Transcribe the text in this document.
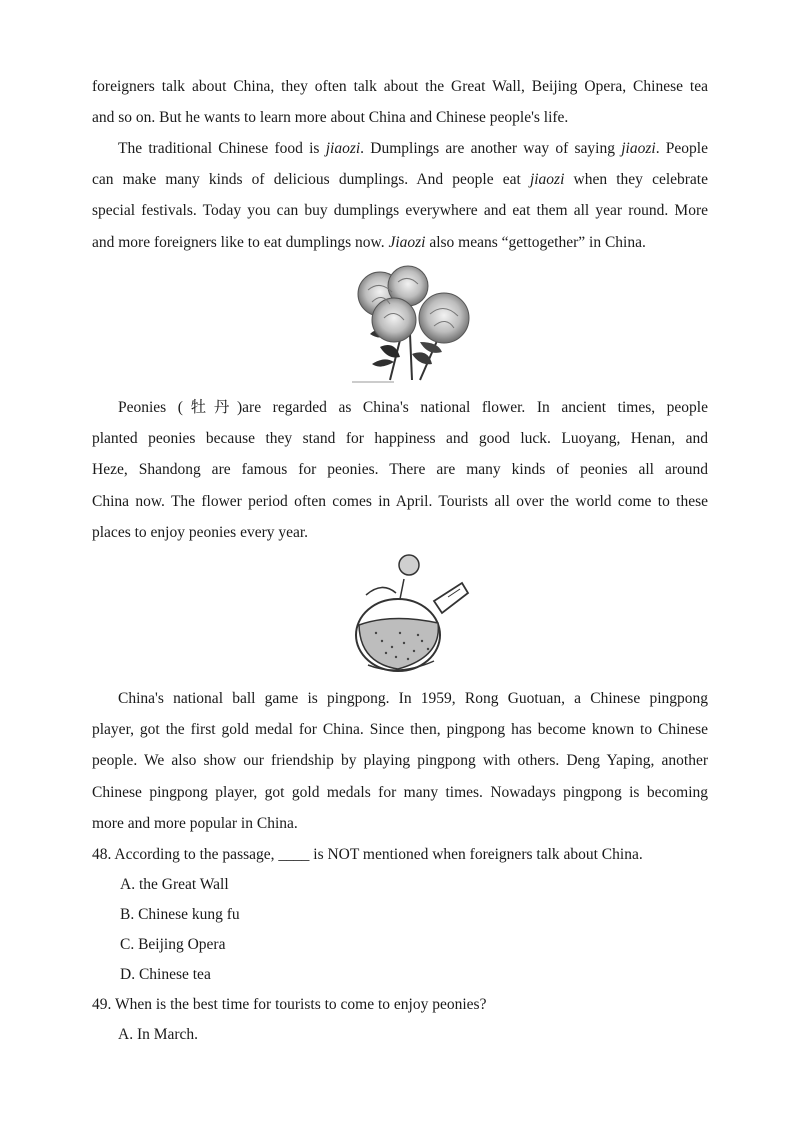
foreigners talk about China, they often talk about the Great Wall, Beijing Opera, Chinese tea
and so on. But he wants to learn more about China and Chinese people's life.
The traditional Chinese food is jiaozi. Dumplings are another way of saying jiaozi. People
can make many kinds of delicious dumplings. And people eat jiaozi when they celebrate
special festivals. Today you can buy dumplings everywhere and eat them all year round. More
and more foreigners like to eat dumplings now. Jiaozi also means “gettogether” in China.
Peonies (牡丹)are regarded as China's national flower. In ancient times, people
planted peonies because they stand for happiness and good luck. Luoyang, Henan, and
Heze, Shandong are famous for peonies. There are many kinds of peonies all around
China now. The flower period often comes in April. Tourists all over the world come to these
places to enjoy peonies every year.
China's national ball game is pingpong. In 1959, Rong Guotuan, a Chinese pingpong
player, got the first gold medal for China. Since then, pingpong has become known to Chinese
people. We also show our friendship by playing pingpong with others. Deng Yaping, another
Chinese pingpong player, got gold medals for many times. Nowadays pingpong is becoming
more and more popular in China.
48. According to the passage, ____ is NOT mentioned when foreigners talk about China.
A. the Great Wall
B. Chinese kung fu
C. Beijing Opera
D. Chinese tea
49. When is the best time for tourists to come to enjoy peonies?
A. In March.
